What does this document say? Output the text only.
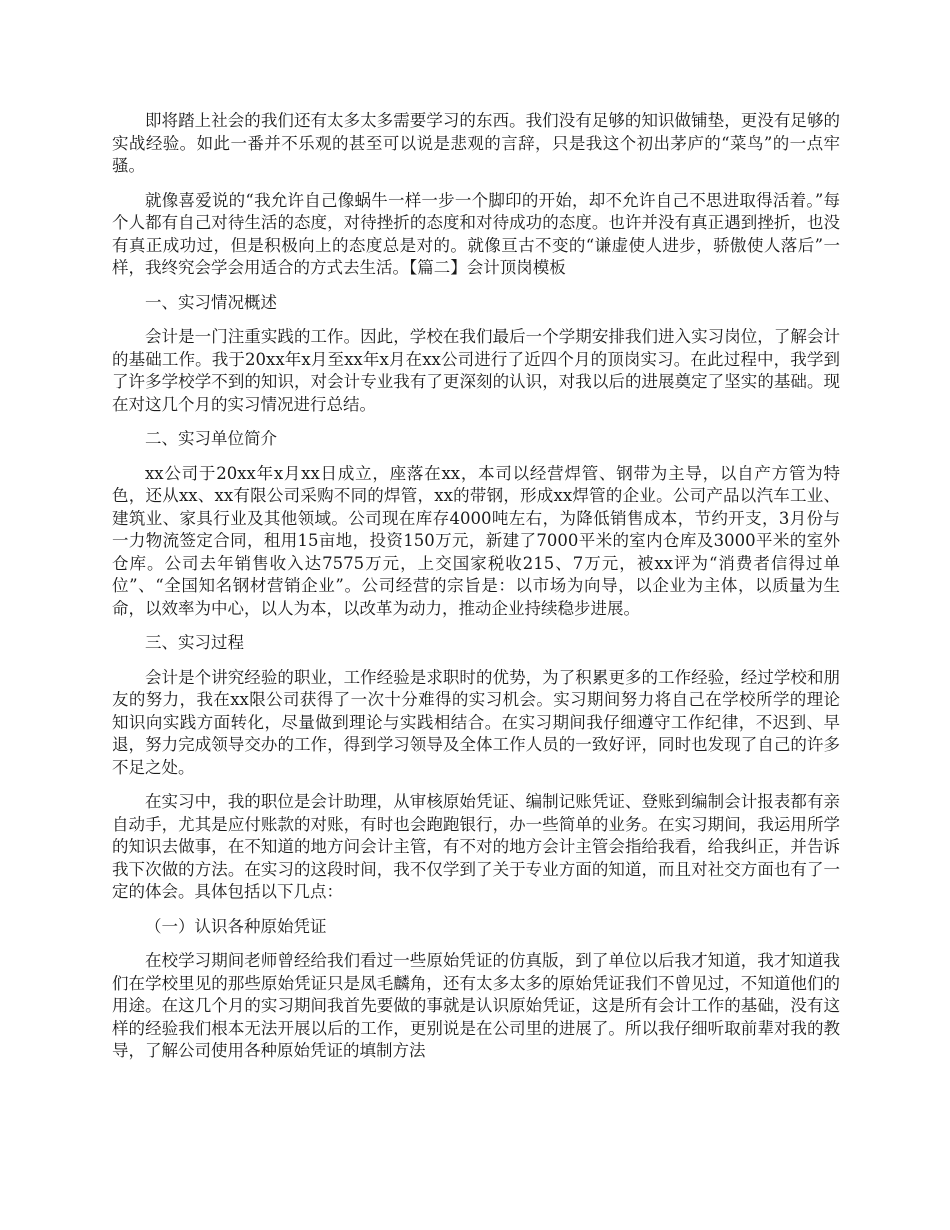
即将踏上社会的我们还有太多太多需要学习的东西。我们没有足够的知识做铺垫，更没有足够的实战经验。如此一番并不乐观的甚至可以说是悲观的言辞，只是我这个初出茅庐的“菜鸟”的一点牢骚。

就像喜爱说的“我允许自己像蜗牛一样一步一个脚印的开始，却不允许自己不思进取得活着。”每个人都有自己对待生活的态度，对待挫折的态度和对待成功的态度。也许并没有真正遇到挫折，也没有真正成功过，但是积极向上的态度总是对的。就像亘古不变的“谦虚使人进步，骄傲使人落后”一样，我终究会学会用适合的方式去生活。【篇二】会计顶岗模板

一、实习情况概述

会计是一门注重实践的工作。因此，学校在我们最后一个学期安排我们进入实习岗位，了解会计的基础工作。我于20xx年x月至xx年x月在xx公司进行了近四个月的顶岗实习。在此过程中，我学到了许多学校学不到的知识，对会计专业我有了更深刻的认识，对我以后的进展奠定了坚实的基础。现在对这几个月的实习情况进行总结。

二、实习单位简介

xx公司于20xx年x月xx日成立，座落在xx，本司以经营焊管、钢带为主导，以自产方管为特色，还从xx、xx有限公司采购不同的焊管，xx的带钢，形成xx焊管的企业。公司产品以汽车工业、建筑业、家具行业及其他领域。公司现在库存4000吨左右，为降低销售成本，节约开支，3月份与一力物流签定合同，租用15亩地，投资150万元，新建了7000平米的室内仓库及3000平米的室外仓库。公司去年销售收入达7575万元，上交国家税收215、7万元，被xx评为“消费者信得过单位”、“全国知名钢材营销企业”。公司经营的宗旨是：以市场为向导，以企业为主体，以质量为生命，以效率为中心，以人为本，以改革为动力，推动企业持续稳步进展。

三、实习过程

会计是个讲究经验的职业，工作经验是求职时的优势，为了积累更多的工作经验，经过学校和朋友的努力，我在xx限公司获得了一次十分难得的实习机会。实习期间努力将自己在学校所学的理论知识向实践方面转化，尽量做到理论与实践相结合。在实习期间我仔细遵守工作纪律，不迟到、早退，努力完成领导交办的工作，得到学习领导及全体工作人员的一致好评，同时也发现了自己的许多不足之处。

在实习中，我的职位是会计助理，从审核原始凭证、编制记账凭证、登账到编制会计报表都有亲自动手，尤其是应付账款的对账，有时也会跑跑银行，办一些简单的业务。在实习期间，我运用所学的知识去做事，在不知道的地方问会计主管，有不对的地方会计主管会指给我看，给我纠正，并告诉我下次做的方法。在实习的这段时间，我不仅学到了关于专业方面的知道，而且对社交方面也有了一定的体会。具体包括以下几点：

（一）认识各种原始凭证

在校学习期间老师曾经给我们看过一些原始凭证的仿真版，到了单位以后我才知道，我才知道我们在学校里见的那些原始凭证只是凤毛麟角，还有太多太多的原始凭证我们不曾见过，不知道他们的用途。在这几个月的实习期间我首先要做的事就是认识原始凭证，这是所有会计工作的基础，没有这样的经验我们根本无法开展以后的工作，更别说是在公司里的进展了。所以我仔细听取前辈对我的教导，了解公司使用各种原始凭证的填制方法
